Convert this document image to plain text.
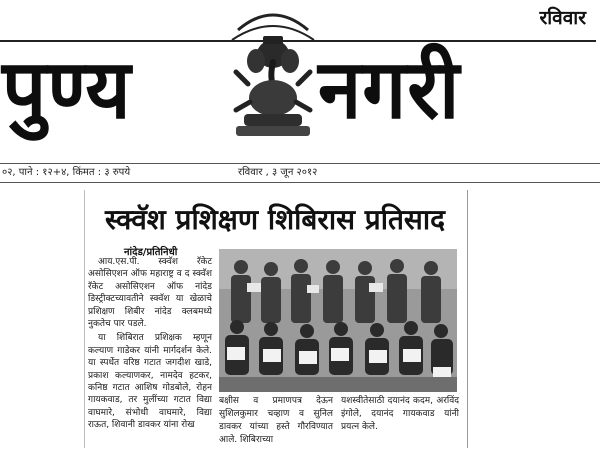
रविवार
पुण्य नगरी
०२, पाने : १२+४, किंमत : ३ रुपये	रविवार , ३ जून २०१२
स्क्वॅश प्रशिक्षण शिबिरास प्रतिसाद
नांदेड/प्रतिनिधी

आय.एस.पी. स्क्वॅश रॅकेट असोसिएशन ऑफ महाराष्ट्र व द स्क्वॅश रॅकेट असोसिएशन ऑफ नांदेड डिस्ट्रीक्टच्यावतीने स्क्वॅश या खेळाचे प्रशिक्षण शिबीर नांदेड क्लबमध्ये नुकतेच पार पडले.

या शिबिरात प्रशिक्षक म्हणून कल्याण गाडेकर यांनी मार्गदर्शन केले. या स्पर्धेत वरिष्ठ गटात जगदीश खाडे, प्रकाश कल्याणकर, नामदेव हटकर, कनिष्ठ गटात आशिष गोडबोले, रोहन गायकवाड, तर मुलींच्या गटात विद्या वाघमारे, संभोधी वाघमारे, विद्या राऊत, शिवानी डावकर यांना रोख

बक्षीस व प्रमाणपत्र देऊन सुशिलकुमार चव्हाण व सुनिल डावकर यांच्या हस्ते गौरविण्यात आले. शिबिराच्या
यशस्वीतेसाठी दयानंद कदम, अरविंद इंगोले, दयानंद गायकवाड यांनी प्रयत्न केले.
